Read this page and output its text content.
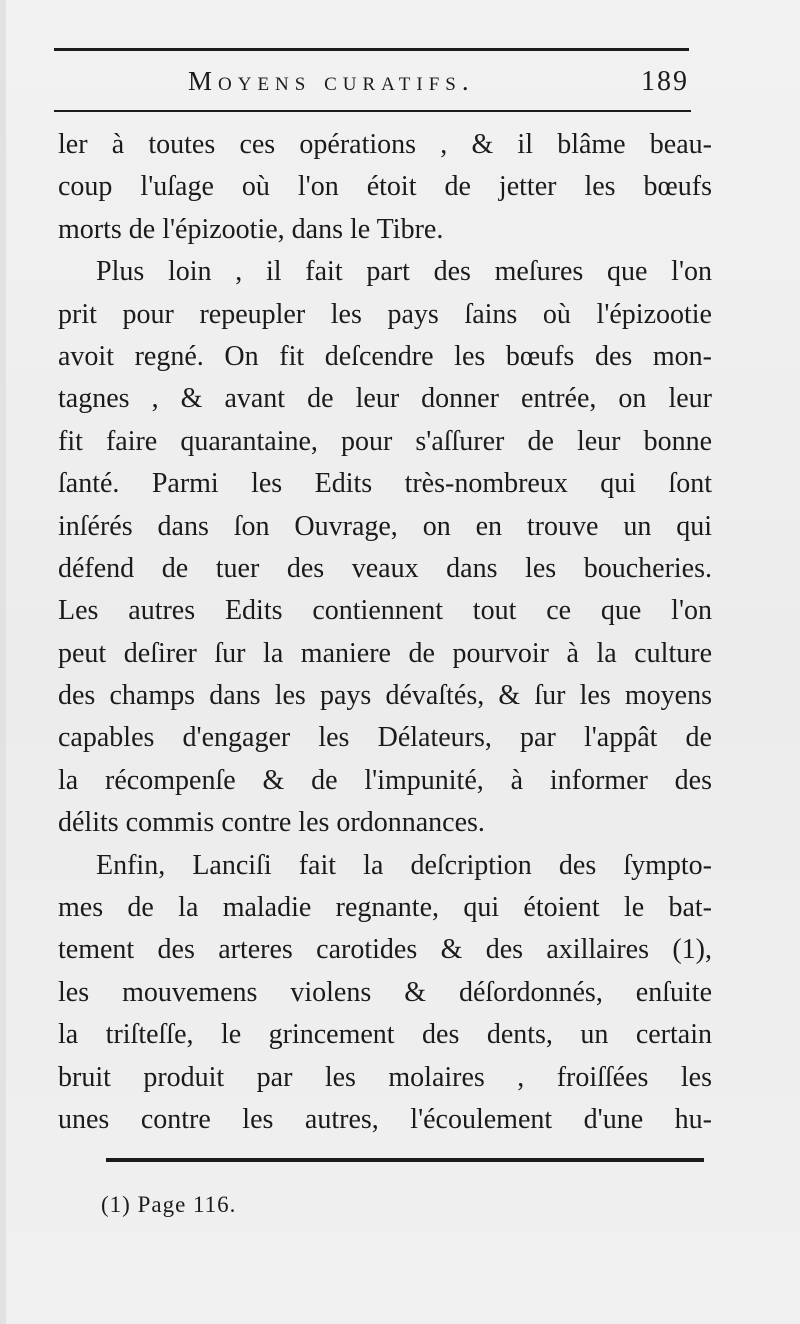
Moyens curatifs.	189
ler à toutes ces opérations , & il blâme beau-
coup l'uſage où l'on étoit de jetter les bœufs
morts de l'épizootie, dans le Tibre.
Plus loin , il fait part des meſures que l'on
prit pour repeupler les pays ſains où l'épizootie
avoit regné. On fit deſcendre les bœufs des mon-
tagnes , & avant de leur donner entrée, on leur
fit faire quarantaine, pour s'aſſurer de leur bonne
ſanté. Parmi les Edits très-nombreux qui ſont
inſérés dans ſon Ouvrage, on en trouve un qui
défend de tuer des veaux dans les boucheries.
Les autres Edits contiennent tout ce que l'on
peut deſirer ſur la maniere de pourvoir à la culture
des champs dans les pays dévaſtés, & ſur les moyens
capables d'engager les Délateurs, par l'appât de
la récompenſe & de l'impunité, à informer des
délits commis contre les ordonnances.
Enfin, Lanciſi fait la deſcription des ſympto-
mes de la maladie regnante, qui étoient le bat-
tement des arteres carotides & des axillaires (1),
les mouvemens violens & déſordonnés, enſuite
la triſteſſe, le grincement des dents, un certain
bruit produit par les molaires , froiſſées les
unes contre les autres, l'écoulement d'une hu-
(1) Page 116.
